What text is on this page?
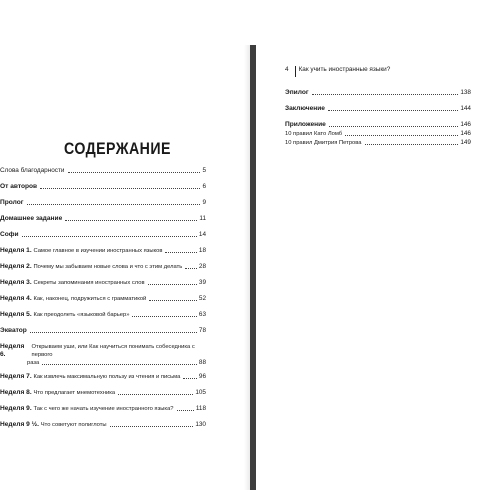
СОДЕРЖАНИЕ
Слова благодарности	5
От авторов	6
Пролог	9
Домашнее задание	11
Софи	14
Неделя 1. Самое главное в изучении иностранных языков	18
Неделя 2. Почему мы забываем новые слова и что с этим делать	28
Неделя 3. Секреты запоминания иностранных слов	39
Неделя 4. Как, наконец, подружиться с грамматикой	52
Неделя 5. Как преодолеть «языковой барьер»	63
Экватор	78
Неделя 6.

Открываем уши, или Как научиться понимать собеседника с первого
раза	88
Неделя 7. Как извлечь максимальную пользу из чтения и письма	96
Неделя 8. Что предлагает мнемотехника	105
Неделя 9. Так с чего же начать изучение иностранного языка?	118
Неделя 9 ½. Что советуют полиглоты	130
4 Как учить иностранные языки?
Эпилог	138
Заключение	144
Приложение	146
10 правил Като Ломб	146
10 правил Дмитрия Петрова	149
